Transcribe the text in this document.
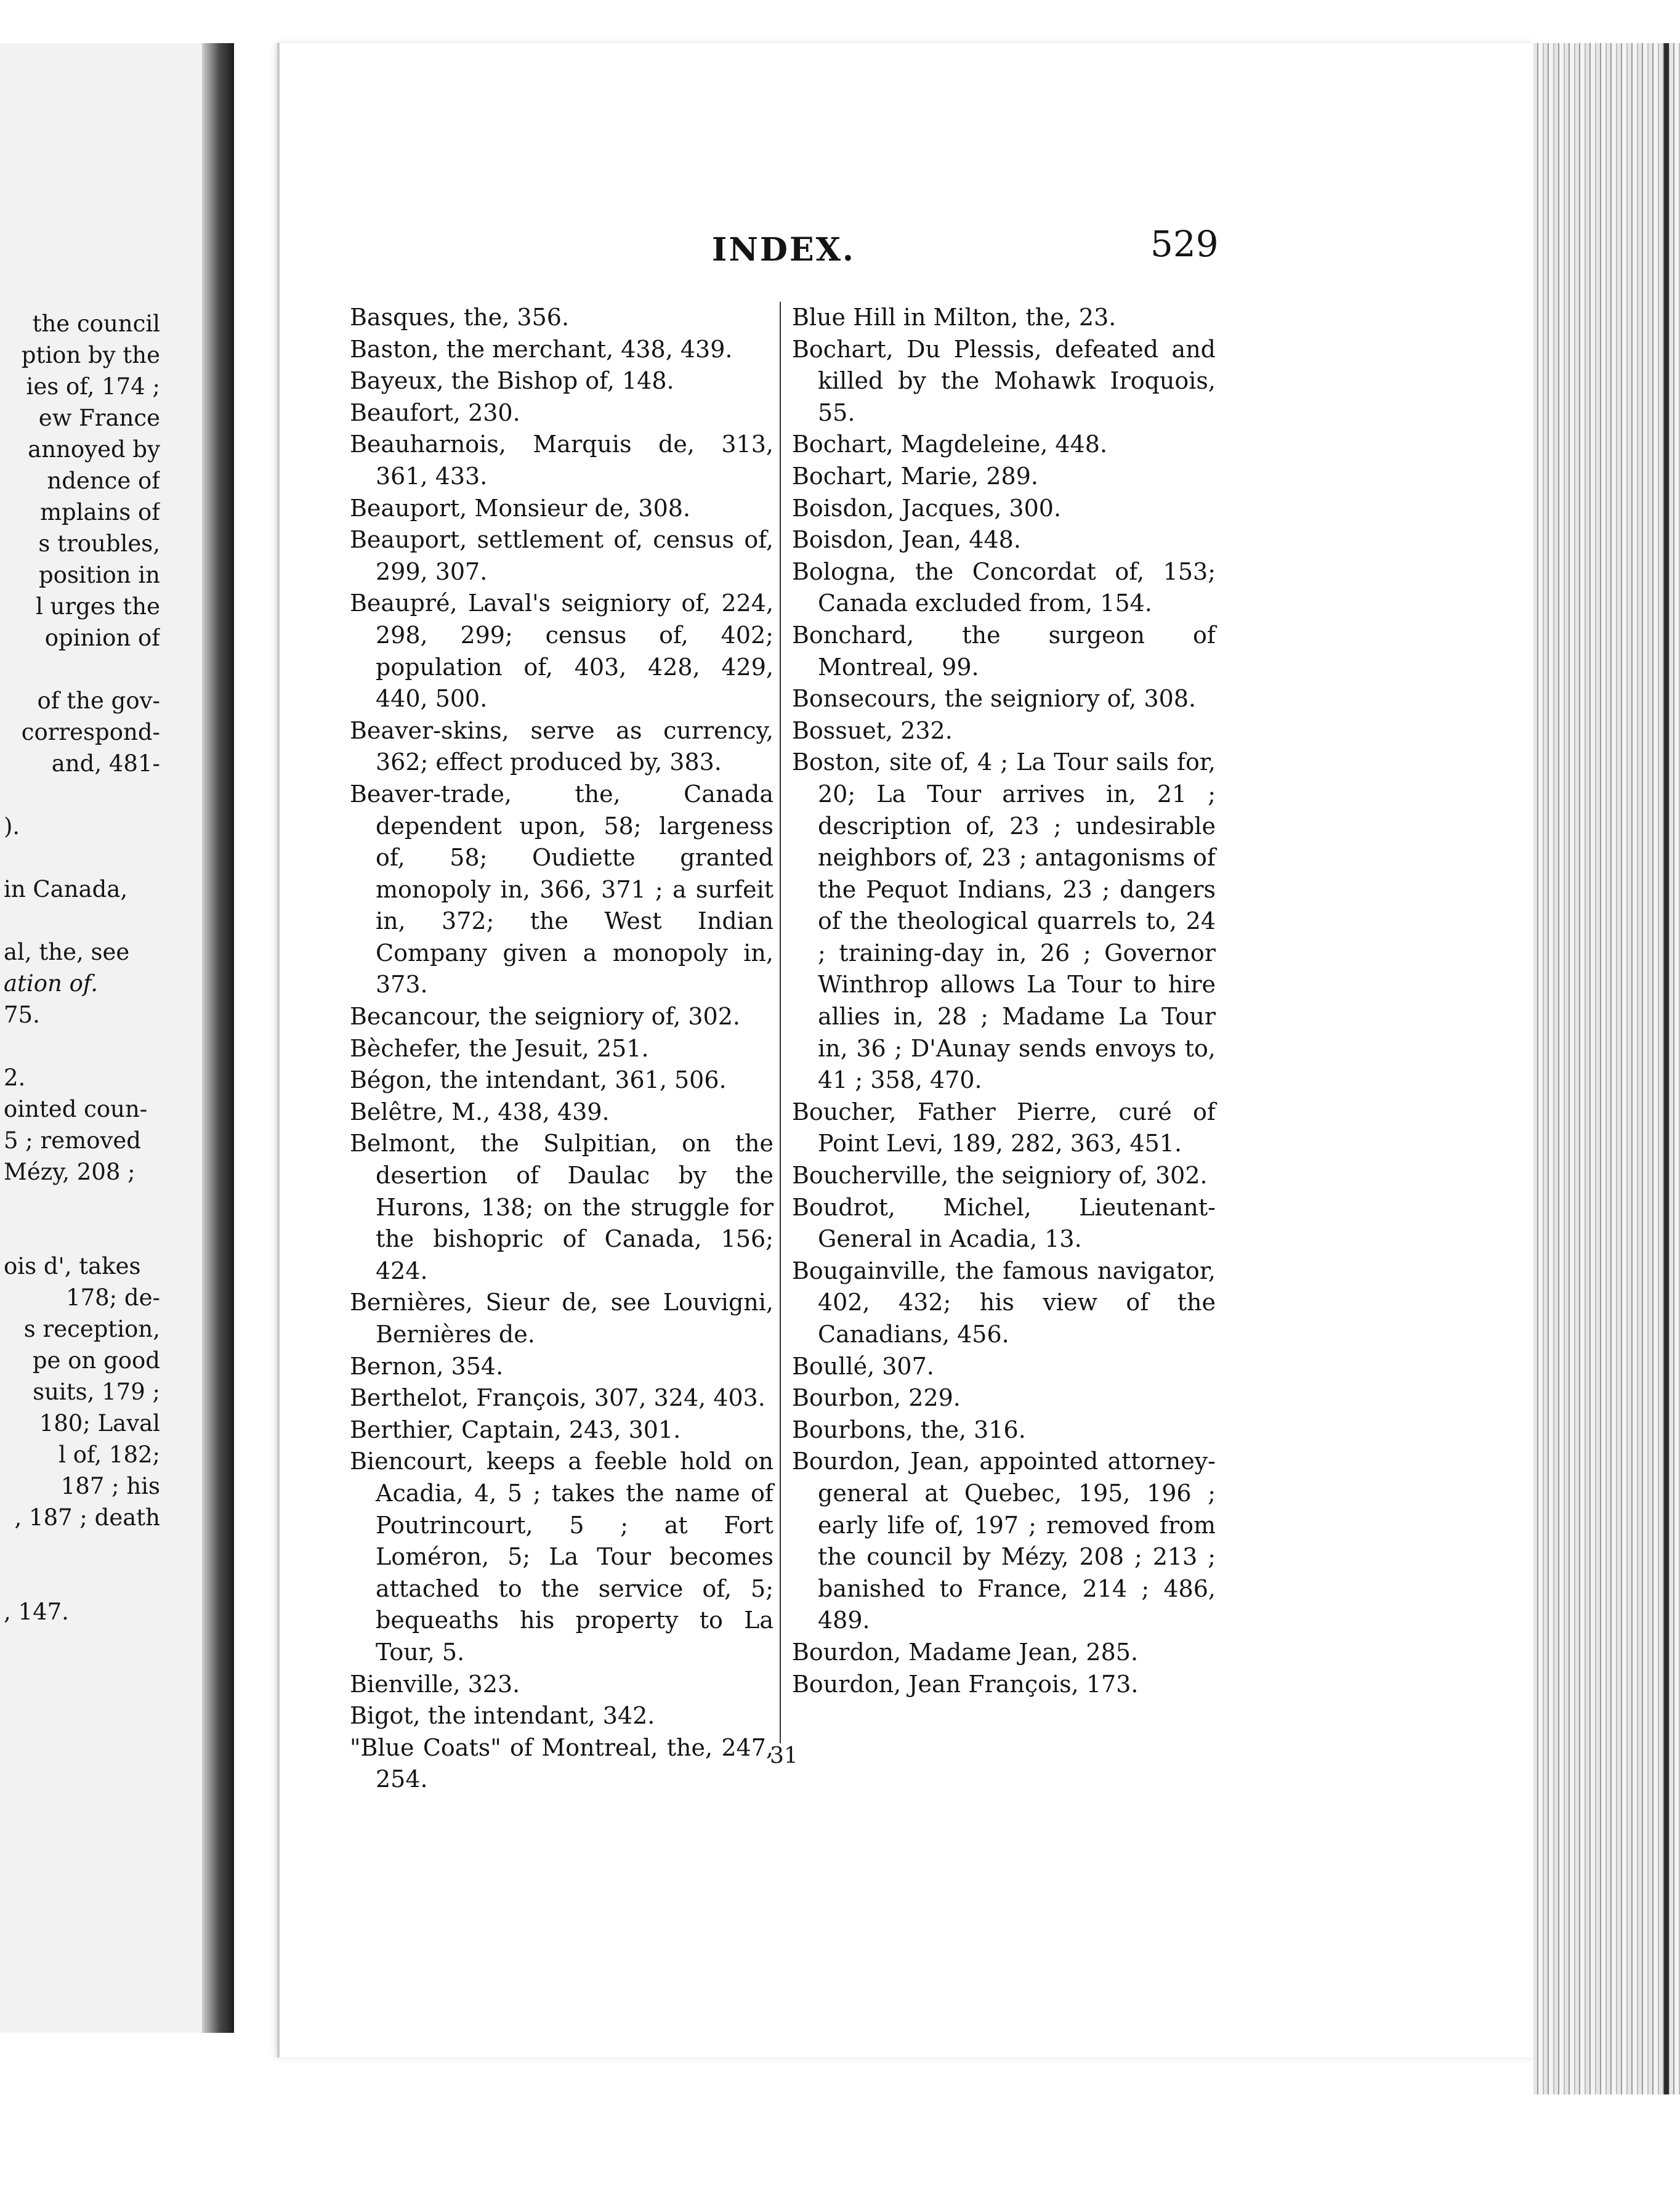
the council
ption by the
ies of, 174 ;
ew France
annoyed by
ndence of
mplains of
s troubles,
position in
l urges the
opinion of
of the gov-
correspond-
and, 481-
).
in Canada,
al, the, see
ation of.
75.
2.
ointed coun-
5 ; removed
Mézy, 208 ;
ois d', takes
178; de-
s reception,
pe on good
suits, 179 ;
180; Laval
l of, 182;
187 ; his
, 187 ; death
, 147.
INDEX.	529
Basques, the, 356.
Baston, the merchant, 438, 439.
Bayeux, the Bishop of, 148.
Beaufort, 230.
Beauharnois, Marquis de, 313, 361, 433.
Beauport, Monsieur de, 308.
Beauport, settlement of, census of, 299, 307.
Beaupré, Laval's seigniory of, 224, 298, 299; census of, 402; population of, 403, 428, 429, 440, 500.
Beaver-skins, serve as currency, 362; effect produced by, 383.
Beaver-trade, the, Canada dependent upon, 58; largeness of, 58; Oudiette granted monopoly in, 366, 371 ; a surfeit in, 372; the West Indian Company given a monopoly in, 373.
Becancour, the seigniory of, 302.
Bèchefer, the Jesuit, 251.
Bégon, the intendant, 361, 506.
Belêtre, M., 438, 439.
Belmont, the Sulpitian, on the desertion of Daulac by the Hurons, 138; on the struggle for the bishopric of Canada, 156; 424.
Bernières, Sieur de, see Louvigni, Bernières de.
Bernon, 354.
Berthelot, François, 307, 324, 403.
Berthier, Captain, 243, 301.
Biencourt, keeps a feeble hold on Acadia, 4, 5 ; takes the name of Poutrincourt, 5 ; at Fort Loméron, 5; La Tour becomes attached to the service of, 5; bequeaths his property to La Tour, 5.
Bienville, 323.
Bigot, the intendant, 342.
"Blue Coats" of Montreal, the, 247, 254.
Blue Hill in Milton, the, 23.
Bochart, Du Plessis, defeated and killed by the Mohawk Iroquois, 55.
Bochart, Magdeleine, 448.
Bochart, Marie, 289.
Boisdon, Jacques, 300.
Boisdon, Jean, 448.
Bologna, the Concordat of, 153; Canada excluded from, 154.
Bonchard, the surgeon of Montreal, 99.
Bonsecours, the seigniory of, 308.
Bossuet, 232.
Boston, site of, 4 ; La Tour sails for, 20; La Tour arrives in, 21 ; description of, 23 ; undesirable neighbors of, 23 ; antagonisms of the Pequot Indians, 23 ; dangers of the theological quarrels to, 24 ; training-day in, 26 ; Governor Winthrop allows La Tour to hire allies in, 28 ; Madame La Tour in, 36 ; D'Aunay sends envoys to, 41 ; 358, 470.
Boucher, Father Pierre, curé of Point Levi, 189, 282, 363, 451.
Boucherville, the seigniory of, 302.
Boudrot, Michel, Lieutenant-General in Acadia, 13.
Bougainville, the famous navigator, 402, 432; his view of the Canadians, 456.
Boullé, 307.
Bourbon, 229.
Bourbons, the, 316.
Bourdon, Jean, appointed attorney-general at Quebec, 195, 196 ; early life of, 197 ; removed from the council by Mézy, 208 ; 213 ; banished to France, 214 ; 486, 489.
Bourdon, Madame Jean, 285.
Bourdon, Jean François, 173.
31
